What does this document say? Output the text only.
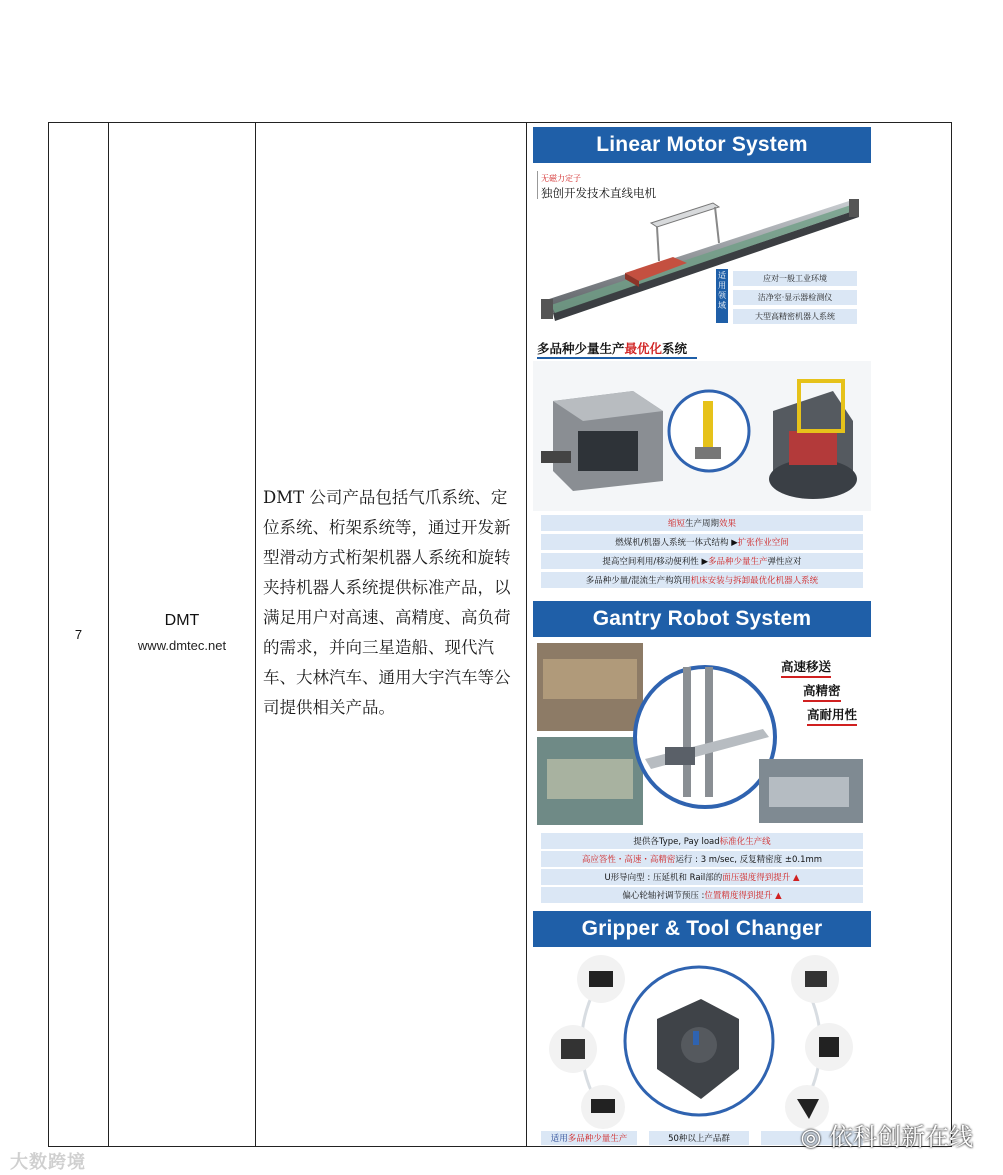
7
DMT
www.dmtec.net
DMT 公司产品包括气爪系统、定位系统、桁架系统等，通过开发新型滑动方式桁架机器人系统和旋转夹持机器人系统提供标准产品，以满足用户对高速、高精度、高负荷的需求，并向三星造船、现代汽车、大林汽车、通用大宇汽车等公司提供相关产品。
Linear Motor System
无磁力定子
独创开发技术直线电机
适用领域
应对一般工业环境
洁净室·显示器检测仪
大型高精密机器人系统
多品种少量生产最优化系统
缩短 生产周期 效果
燃煤机/机器人系统一体式结构 ▶ 扩张作业空间
提高空间利用/移动便利性 ▶ 多品种少量生产 弹性应对
多品种少量/混流生产构筑用 机床安装与拆卸最优化机器人系统
Gantry Robot System
高速移送
高精密
高耐用性
提供各Type, Pay load 标准化生产线
高应答性・高速・高精密 运行 : 3 m/sec, 反复精密度 ±0.1mm
U形导向型 : 压延机和 Rail部的 面压强度得到提升 ▲
偏心轮轴衬调节预压 : 位置精度得到提升 ▲
Gripper & Tool Changer
适用 多品种少量生产	50种以上产品群	◎ 依科创新在线
大数跨境
